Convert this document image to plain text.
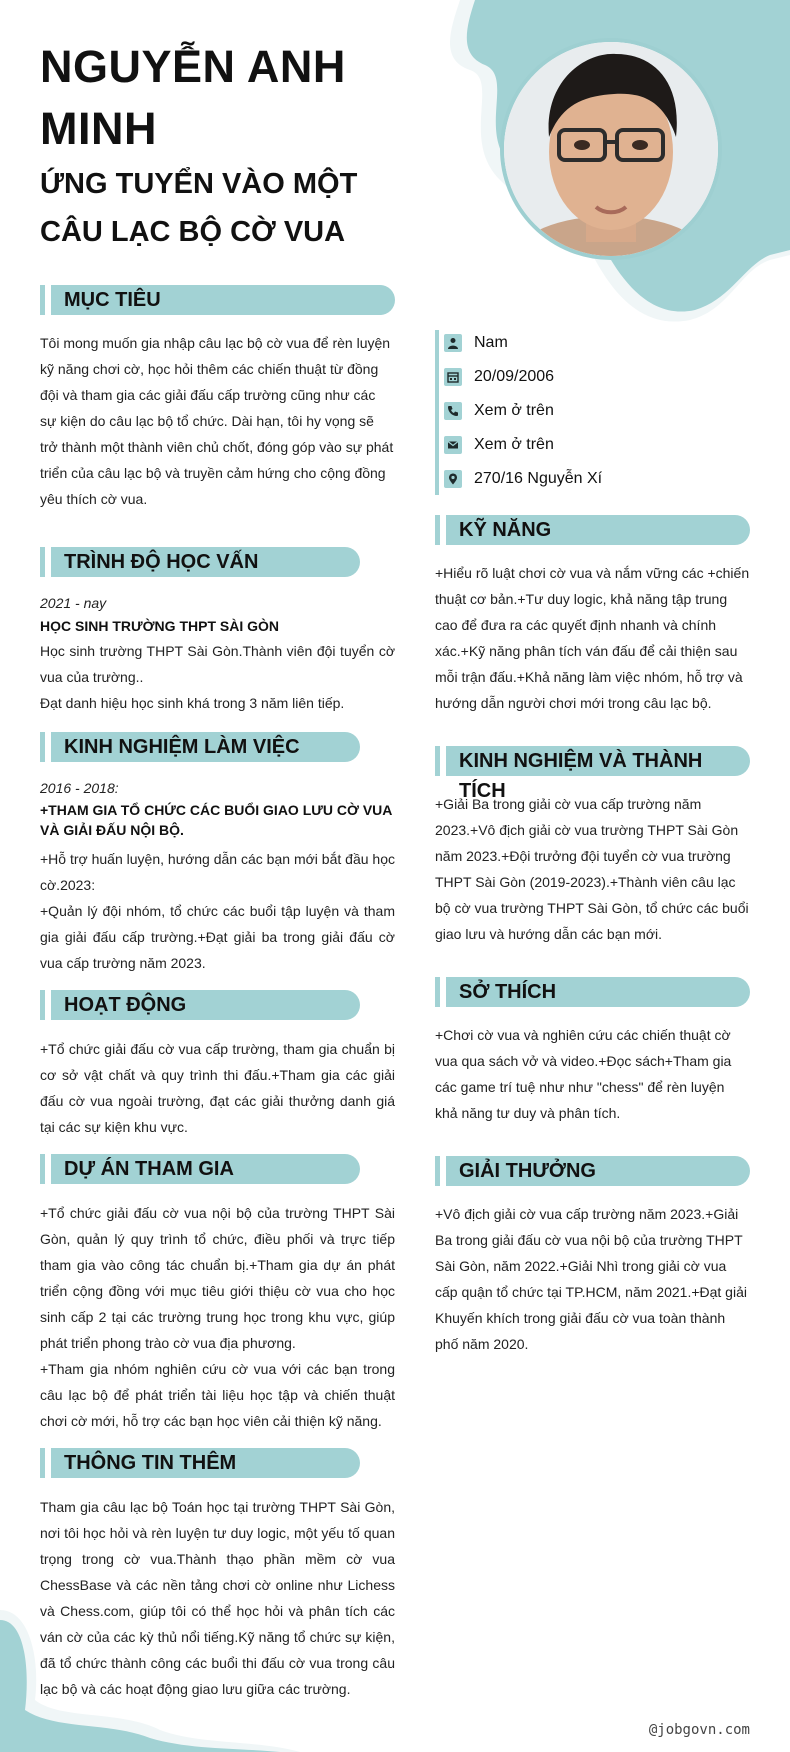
NGUYỄN ANH MINH
ỨNG TUYỂN VÀO MỘT CÂU LẠC BỘ CỜ VUA
MỤC TIÊU
Tôi mong muốn gia nhập câu lạc bộ cờ vua để rèn luyện kỹ năng chơi cờ, học hỏi thêm các chiến thuật từ đồng đội và tham gia các giải đấu cấp trường cũng như các sự kiện do câu lạc bộ tổ chức. Dài hạn, tôi hy vọng sẽ trở thành một thành viên chủ chốt, đóng góp vào sự phát triển của câu lạc bộ và truyền cảm hứng cho cộng đồng yêu thích cờ vua.
TRÌNH ĐỘ HỌC VẤN
2021 - nay
HỌC SINH TRƯỜNG THPT SÀI GÒN
Học sinh trường THPT Sài Gòn.Thành viên đội tuyển cờ vua của trường..
Đạt danh hiệu học sinh khá trong 3 năm liên tiếp.
KINH NGHIỆM LÀM VIỆC
2016 - 2018:
+THAM GIA TỔ CHỨC CÁC BUỔI GIAO LƯU CỜ VUA VÀ GIẢI ĐẤU NỘI BỘ.
+Hỗ trợ huấn luyện, hướng dẫn các bạn mới bắt đầu học cờ.2023:
+Quản lý đội nhóm, tổ chức các buổi tập luyện và tham gia giải đấu cấp trường.+Đạt giải ba trong giải đấu cờ vua cấp trường năm 2023.
HOẠT ĐỘNG
+Tổ chức giải đấu cờ vua cấp trường, tham gia chuẩn bị cơ sở vật chất và quy trình thi đấu.+Tham gia các giải đấu cờ vua ngoài trường, đạt các giải thưởng danh giá tại các sự kiện khu vực.
DỰ ÁN THAM GIA
+Tổ chức giải đấu cờ vua nội bộ của trường THPT Sài Gòn, quản lý quy trình tổ chức, điều phối và trực tiếp tham gia vào công tác chuẩn bị.+Tham gia dự án phát triển cộng đồng với mục tiêu giới thiệu cờ vua cho học sinh cấp 2 tại các trường trung học trong khu vực, giúp phát triển phong trào cờ vua địa phương.
+Tham gia nhóm nghiên cứu cờ vua với các bạn trong câu lạc bộ để phát triển tài liệu học tập và chiến thuật chơi cờ mới, hỗ trợ các bạn học viên cải thiện kỹ năng.
THÔNG TIN THÊM
Tham gia câu lạc bộ Toán học tại trường THPT Sài Gòn, nơi tôi học hỏi và rèn luyện tư duy logic, một yếu tố quan trọng trong cờ vua.Thành thạo phần mềm cờ vua ChessBase và các nền tảng chơi cờ online như Lichess và Chess.com, giúp tôi có thể học hỏi và phân tích các ván cờ của các kỳ thủ nổi tiếng.Kỹ năng tổ chức sự kiện, đã tổ chức thành công các buổi thi đấu cờ vua trong câu lạc bộ và các hoạt động giao lưu giữa các trường.
Nam
20/09/2006
Xem ở trên
Xem ở trên
270/16 Nguyễn Xí
KỸ NĂNG
+Hiểu rõ luật chơi cờ vua và nắm vững các +chiến thuật cơ bản.+Tư duy logic, khả năng tập trung cao để đưa ra các quyết định nhanh và chính xác.+Kỹ năng phân tích ván đấu để cải thiện sau mỗi trận đấu.+Khả năng làm việc nhóm, hỗ trợ và hướng dẫn người chơi mới trong câu lạc bộ.
KINH NGHIỆM VÀ THÀNH TÍCH
+Giải Ba trong giải cờ vua cấp trường năm 2023.+Vô địch giải cờ vua trường THPT Sài Gòn năm 2023.+Đội trưởng đội tuyển cờ vua trường THPT Sài Gòn (2019-2023).+Thành viên câu lạc bộ cờ vua trường THPT Sài Gòn, tổ chức các buổi giao lưu và hướng dẫn các bạn mới.
SỞ THÍCH
+Chơi cờ vua và nghiên cứu các chiến thuật cờ vua qua sách vở và video.+Đọc sách+Tham gia các game trí tuệ như như "chess" để rèn luyện khả năng tư duy và phân tích.
GIẢI THƯỞNG
+Vô địch giải cờ vua cấp trường năm 2023.+Giải Ba trong giải đấu cờ vua nội bộ của trường THPT Sài Gòn, năm 2022.+Giải Nhì trong giải cờ vua cấp quận tổ chức tại TP.HCM, năm 2021.+Đạt giải Khuyến khích trong giải đấu cờ vua toàn thành phố năm 2020.
@jobgovn.com
